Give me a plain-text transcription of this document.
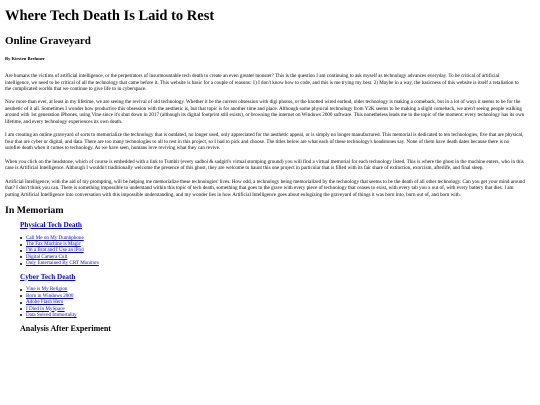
Where Tech Death Is Laid to Rest
Online Graveyard
By Kirsten Brehmer

Are humans the victims of artificial intelligence, or the perpetrators of insurmountable tech death to create an even greater monster? This is the question I am continuing to ask myself as technology advances everyday. To be critical of artificial intelligence, we need to be critical of all the technology that came before it. This website is basic for a couple of reasons: 1) I don't know how to code, and this is me trying my best. 2) Maybe in a way, the basicness of this website is itself a retaliation to the complicated worlds that we continue to give life to in cyberspace.

Now more than ever, at least in my lifetime, we are seeing the revival of old technology. Whether it be the current obsession with digi photos, or the knotted wired earbud, older technology is making a comeback, but in a lot of ways it seems to be for the aesthetic of it all. Sometimes I wonder how productive this obsession with the aesthetic is, but that topic is for another time and place. Although some physical technology from Y2K seems to be making a slight comeback, we aren't seeing people walking around with 1st generation iPhones, using Vine since it's shut down in 2017 (although its digital footprint still exists), or browsing the internet on Windows 2000 software. This nonetheless leads me to the topic of the moment: every technology has its own lifetime, and every technology experiences its own death.

I am creating an online graveyard of sorts to memorialize the technology that is outdated, no longer used, only appreciated for the aesthetic appeal, or is simply no longer manufactured. This memorial is dedicated to ten technologies, five that are physical, four that are cyber or digital, and data. There are too many technologies to all to rest in this project, so I had to pick and choose. The titles below are what each of these technology's headstones say. None of them have death dates because there is no surefire death when it comes to technology. As we have seen, humans love reviving what they can revive.

When you click on the headstone, which of course is embedded with a link to Tumblr (every sadboi & sadgirl's virtual stomping ground) you will find a virtual memorial for each technology listed. This is where the ghost in the machine enters, who in this case is Artificial Intelligence. Although I wouldn't traditionally welcome the presence of this ghost, they are welcome to haunt this one project in particular that is filled with its fair share of extinction, exorcism, afterlife, and final sleep.

Artificial Intelligence, with the aid of my prompting, will be helping me memorialize these technologies' lives. How odd, a technology being memorialized by the technology that seems to be the death of all other technology. Can you get your mind around that? I don't think you can. There is something impossible to understand within this topic of tech death, something that goes to the grave with every piece of technology that ceases to exist, with every tab you x out of, with every battery that dies. I am putting Artificial Intelligence into conversation with this impossible understanding, and my wonder lies in how Artificial Intelligence goes about eulogizing the graveyard of things it was born into, born out of, and born with.

In Memoriam
Physical Tech Death
Call Me on My Dumbphone
The Fax Machine is Magic
I'm a Brat and I Use an iPod
Digital Camera Cult
Only Entertained By CRT Monitors
Cyber Tech Death
Vine is My Religion
Born in Windows 2000
Adobe Flash Hero
I Died in MySpace
Data Solved Immortality
Analysis After Experiment
